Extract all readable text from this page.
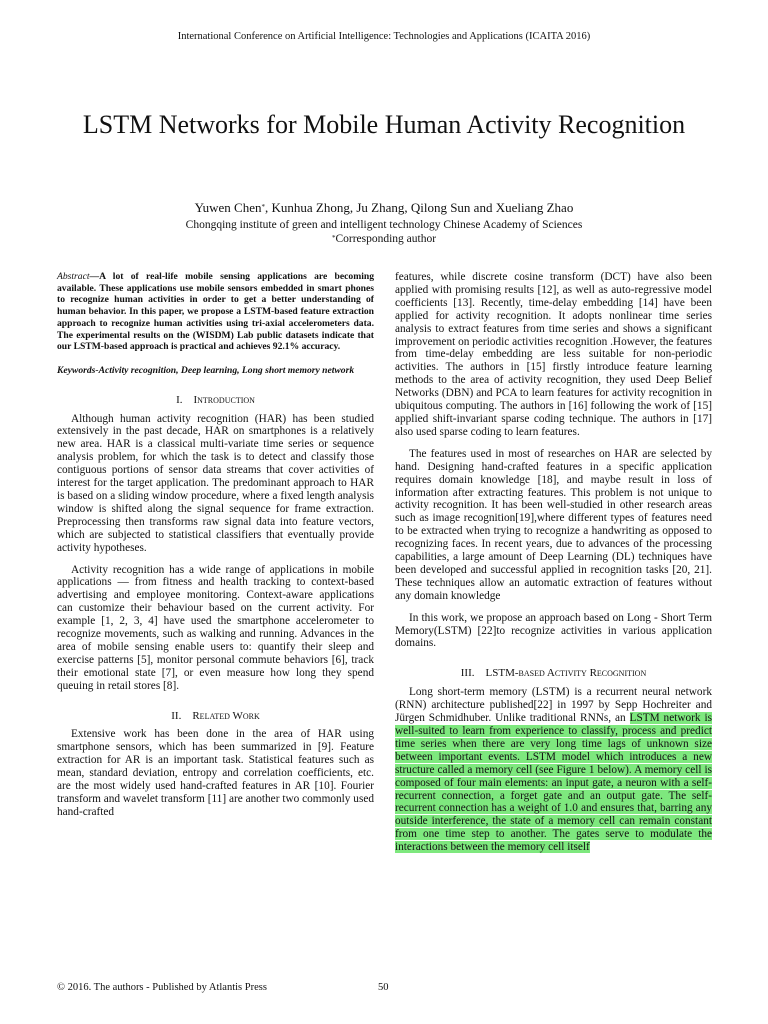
International Conference on Artificial Intelligence: Technologies and Applications (ICAITA 2016)
LSTM Networks for Mobile Human Activity Recognition
Yuwen Chen*, Kunhua Zhong, Ju Zhang, Qilong Sun and Xueliang Zhao
Chongqing institute of green and intelligent technology Chinese Academy of Sciences
*Corresponding author

Abstract—A lot of real-life mobile sensing applications are becoming available. These applications use mobile sensors embedded in smart phones to recognize human activities in order to get a better understanding of human behavior. In this paper, we propose a LSTM-based feature extraction approach to recognize human activities using tri-axial accelerometers data. The experimental results on the (WISDM) Lab public datasets indicate that our LSTM-based approach is practical and achieves 92.1% accuracy.

Keywords-Activity recognition, Deep learning, Long short memory network

I. Introduction

Although human activity recognition (HAR) has been studied extensively in the past decade, HAR on smartphones is a relatively new area. HAR is a classical multi-variate time series or sequence analysis problem, for which the task is to detect and classify those contiguous portions of sensor data streams that cover activities of interest for the target application. The predominant approach to HAR is based on a sliding window procedure, where a fixed length analysis window is shifted along the signal sequence for frame extraction. Preprocessing then transforms raw signal data into feature vectors, which are subjected to statistical classifiers that eventually provide activity hypotheses.

Activity recognition has a wide range of applications in mobile applications — from fitness and health tracking to context-based advertising and employee monitoring. Context-aware applications can customize their behaviour based on the current activity. For example [1, 2, 3, 4] have used the smartphone accelerometer to recognize movements, such as walking and running. Advances in the area of mobile sensing enable users to: quantify their sleep and exercise patterns [5], monitor personal commute behaviors [6], track their emotional state [7], or even measure how long they spend queuing in retail stores [8].

II. Related Work

Extensive work has been done in the area of HAR using smartphone sensors, which has been summarized in [9]. Feature extraction for AR is an important task. Statistical features such as mean, standard deviation, entropy and correlation coefficients, etc. are the most widely used hand-crafted features in AR [10]. Fourier transform and wavelet transform [11] are another two commonly used hand-crafted

features, while discrete cosine transform (DCT) have also been applied with promising results [12], as well as auto-regressive model coefficients [13]. Recently, time-delay embedding [14] have been applied for activity recognition. It adopts nonlinear time series analysis to extract features from time series and shows a significant improvement on periodic activities recognition .However, the features from time-delay embedding are less suitable for non-periodic activities. The authors in [15] firstly introduce feature learning methods to the area of activity recognition, they used Deep Belief Networks (DBN) and PCA to learn features for activity recognition in ubiquitous computing. The authors in [16] following the work of [15] applied shift-invariant sparse coding technique. The authors in [17] also used sparse coding to learn features.

The features used in most of researches on HAR are selected by hand. Designing hand-crafted features in a specific application requires domain knowledge [18], and maybe result in loss of information after extracting features. This problem is not unique to activity recognition. It has been well-studied in other research areas such as image recognition[19],where different types of features need to be extracted when trying to recognize a handwriting as opposed to recognizing faces. In recent years, due to advances of the processing capabilities, a large amount of Deep Learning (DL) techniques have been developed and successful applied in recognition tasks [20, 21]. These techniques allow an automatic extraction of features without any domain knowledge

In this work, we propose an approach based on Long - Short Term Memory(LSTM) [22]to recognize activities in various application domains.

III. LSTM-based Activity Recognition

Long short-term memory (LSTM) is a recurrent neural network (RNN) architecture published[22] in 1997 by Sepp Hochreiter and Jürgen Schmidhuber. Unlike traditional RNNs, an LSTM network is well-suited to learn from experience to classify, process and predict time series when there are very long time lags of unknown size between important events. LSTM model which introduces a new structure called a memory cell (see Figure 1 below). A memory cell is composed of four main elements: an input gate, a neuron with a self-recurrent connection, a forget gate and an output gate. The self-recurrent connection has a weight of 1.0 and ensures that, barring any outside interference, the state of a memory cell can remain constant from one time step to another. The gates serve to modulate the interactions between the memory cell itself

© 2016. The authors - Published by Atlantis Press	50
